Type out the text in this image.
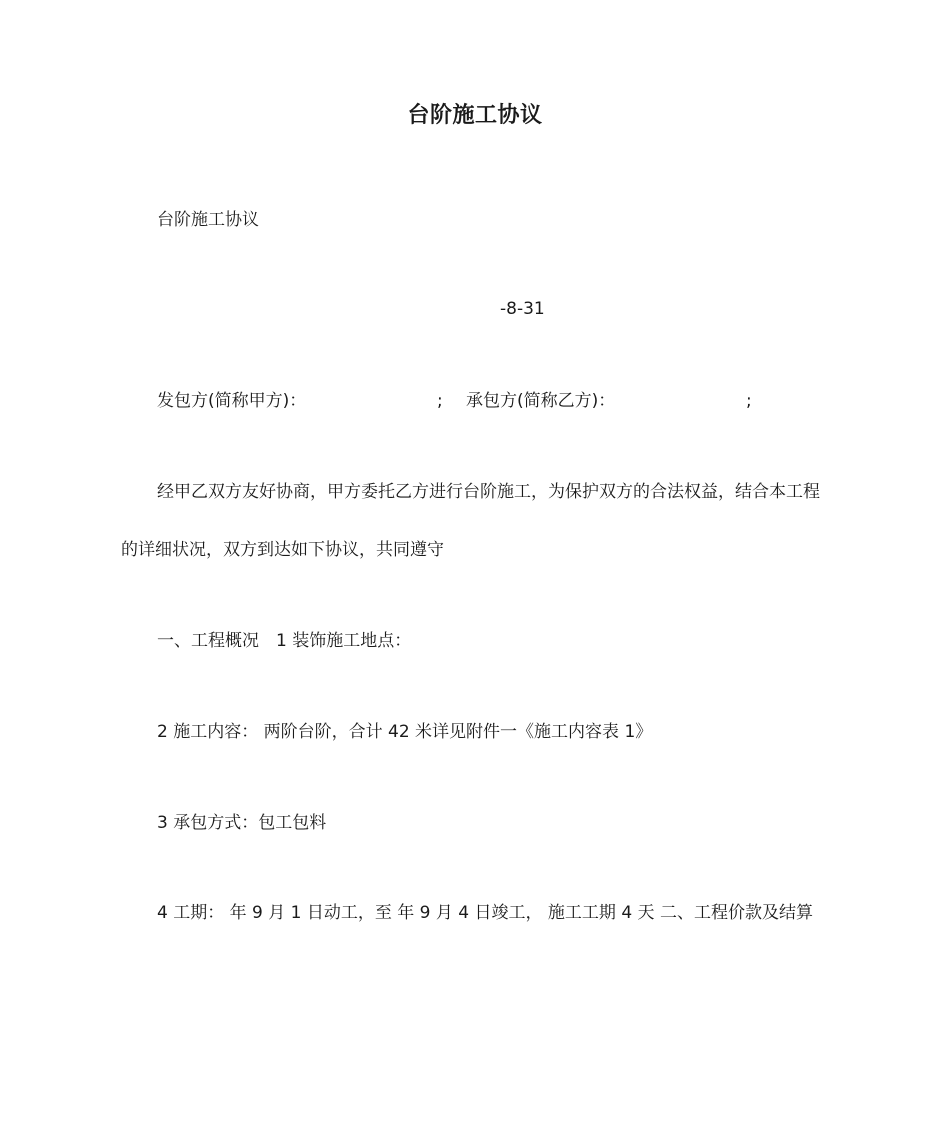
台阶施工协议

台阶施工协议

-8-31
发包方(简称甲方)：	; 承包方(简称乙方)：	;

经甲乙双方友好协商，甲方委托乙方进行台阶施工，为保护双方的合法权益，结合本工程的详细状况，双方到达如下协议，共同遵守

一、工程概况　1 装饰施工地点：

2 施工内容： 两阶台阶，合计 42 米详见附件一《施工内容表 1》

3 承包方式：包工包料

4 工期： 年 9 月 1 日动工，至 年 9 月 4 日竣工， 施工工期 4 天 二、工程价款及结算
